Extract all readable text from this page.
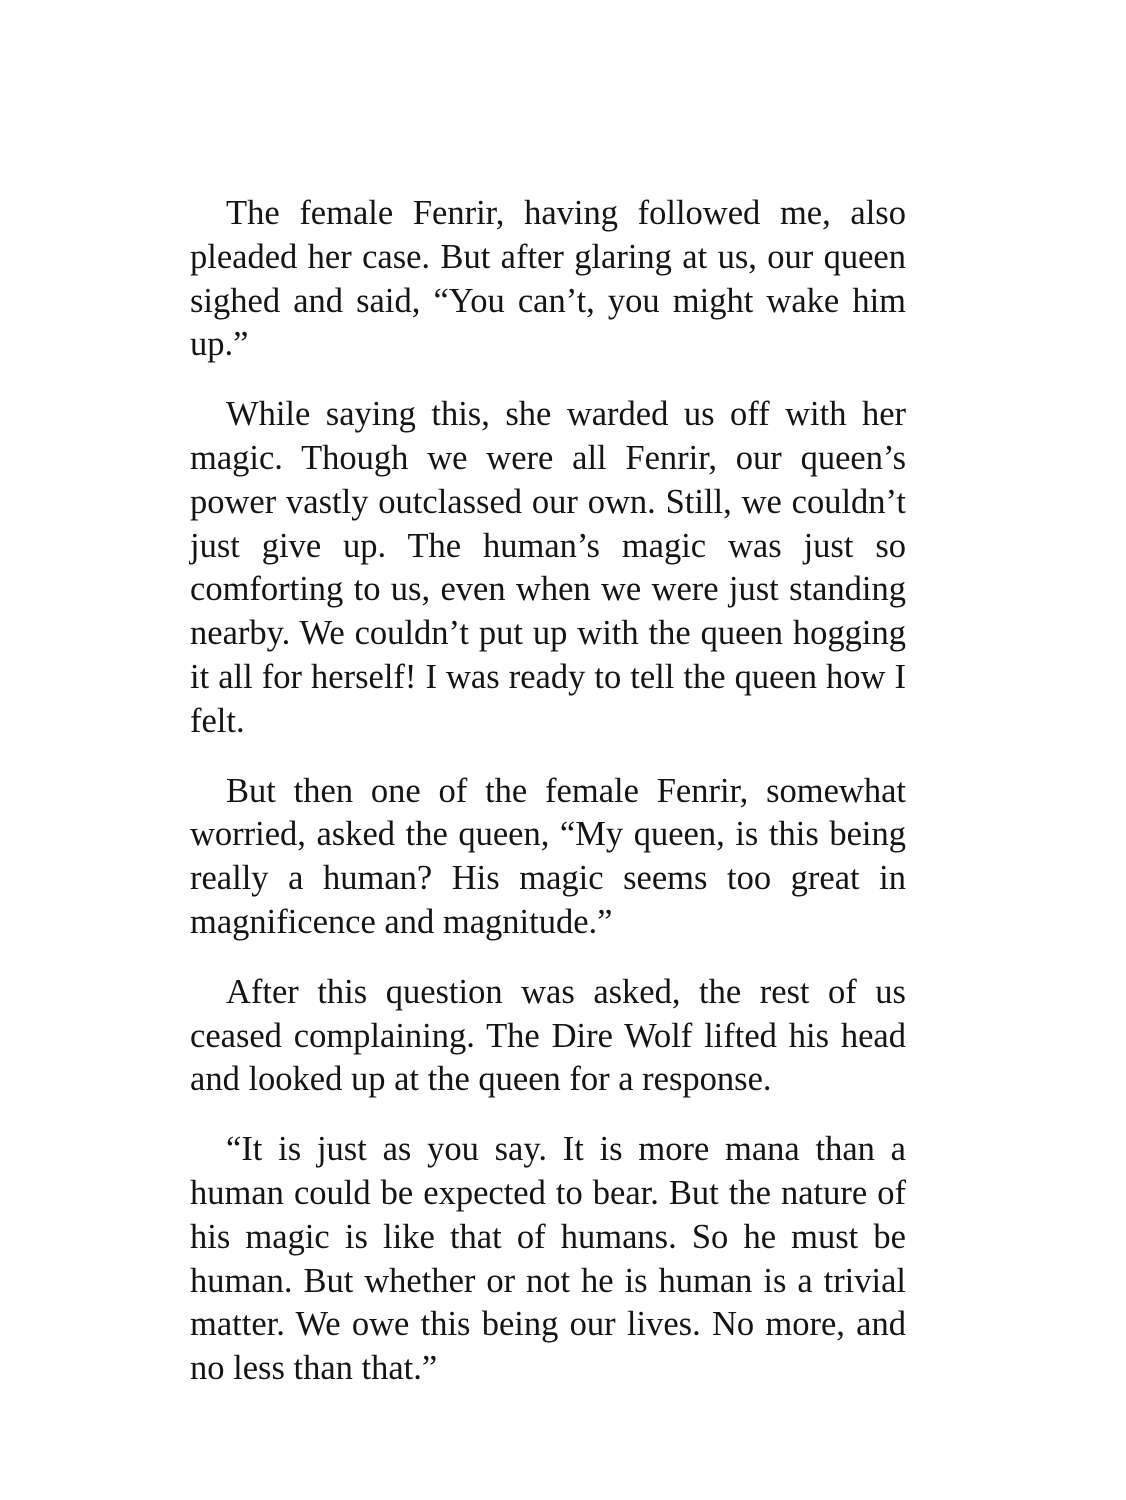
The female Fenrir, having followed me, also pleaded her case. But after glaring at us, our queen sighed and said, “You can’t, you might wake him up.”

While saying this, she warded us off with her magic. Though we were all Fenrir, our queen’s power vastly outclassed our own. Still, we couldn’t just give up. The human’s magic was just so comforting to us, even when we were just standing nearby. We couldn’t put up with the queen hogging it all for herself! I was ready to tell the queen how I felt.

But then one of the female Fenrir, somewhat worried, asked the queen, “My queen, is this being really a human? His magic seems too great in magnificence and magnitude.”

After this question was asked, the rest of us ceased complaining. The Dire Wolf lifted his head and looked up at the queen for a response.

“It is just as you say. It is more mana than a human could be expected to bear. But the nature of his magic is like that of humans. So he must be human. But whether or not he is human is a trivial matter. We owe this being our lives. No more, and no less than that.”
